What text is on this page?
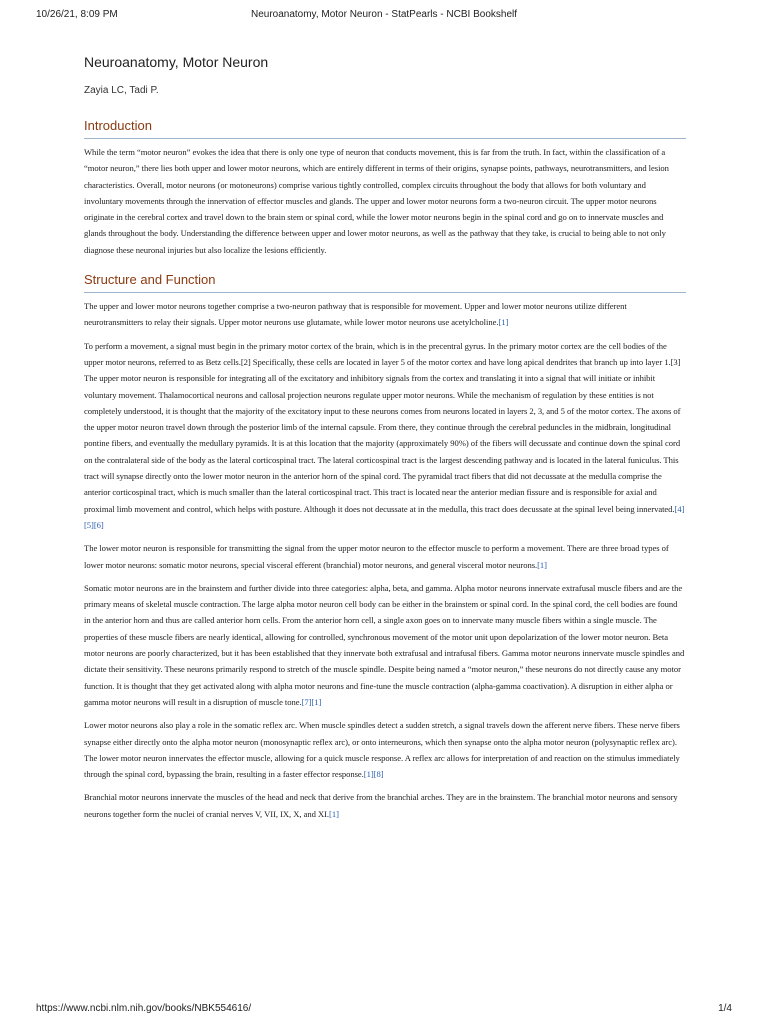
10/26/21, 8:09 PM	Neuroanatomy, Motor Neuron - StatPearls - NCBI Bookshelf
Neuroanatomy, Motor Neuron
Zayia LC, Tadi P.
Introduction

While the term “motor neuron” evokes the idea that there is only one type of neuron that conducts movement, this is far from the truth. In fact, within the classification of a “motor neuron,” there lies both upper and lower motor neurons, which are entirely different in terms of their origins, synapse points, pathways, neurotransmitters, and lesion characteristics. Overall, motor neurons (or motoneurons) comprise various tightly controlled, complex circuits throughout the body that allows for both voluntary and involuntary movements through the innervation of effector muscles and glands. The upper and lower motor neurons form a two-neuron circuit. The upper motor neurons originate in the cerebral cortex and travel down to the brain stem or spinal cord, while the lower motor neurons begin in the spinal cord and go on to innervate muscles and glands throughout the body. Understanding the difference between upper and lower motor neurons, as well as the pathway that they take, is crucial to being able to not only diagnose these neuronal injuries but also localize the lesions efficiently.

Structure and Function

The upper and lower motor neurons together comprise a two-neuron pathway that is responsible for movement. Upper and lower motor neurons utilize different neurotransmitters to relay their signals. Upper motor neurons use glutamate, while lower motor neurons use acetylcholine.[1]

To perform a movement, a signal must begin in the primary motor cortex of the brain, which is in the precentral gyrus. In the primary motor cortex are the cell bodies of the upper motor neurons, referred to as Betz cells.[2] Specifically, these cells are located in layer 5 of the motor cortex and have long apical dendrites that branch up into layer 1.[3] The upper motor neuron is responsible for integrating all of the excitatory and inhibitory signals from the cortex and translating it into a signal that will initiate or inhibit voluntary movement. Thalamocortical neurons and callosal projection neurons regulate upper motor neurons. While the mechanism of regulation by these entities is not completely understood, it is thought that the majority of the excitatory input to these neurons comes from neurons located in layers 2, 3, and 5 of the motor cortex. The axons of the upper motor neuron travel down through the posterior limb of the internal capsule. From there, they continue through the cerebral peduncles in the midbrain, longitudinal pontine fibers, and eventually the medullary pyramids. It is at this location that the majority (approximately 90%) of the fibers will decussate and continue down the spinal cord on the contralateral side of the body as the lateral corticospinal tract. The lateral corticospinal tract is the largest descending pathway and is located in the lateral funiculus. This tract will synapse directly onto the lower motor neuron in the anterior horn of the spinal cord. The pyramidal tract fibers that did not decussate at the medulla comprise the anterior corticospinal tract, which is much smaller than the lateral corticospinal tract. This tract is located near the anterior median fissure and is responsible for axial and proximal limb movement and control, which helps with posture. Although it does not decussate at in the medulla, this tract does decussate at the spinal level being innervated.[4][5][6]

The lower motor neuron is responsible for transmitting the signal from the upper motor neuron to the effector muscle to perform a movement. There are three broad types of lower motor neurons: somatic motor neurons, special visceral efferent (branchial) motor neurons, and general visceral motor neurons.[1]

Somatic motor neurons are in the brainstem and further divide into three categories: alpha, beta, and gamma. Alpha motor neurons innervate extrafusal muscle fibers and are the primary means of skeletal muscle contraction. The large alpha motor neuron cell body can be either in the brainstem or spinal cord. In the spinal cord, the cell bodies are found in the anterior horn and thus are called anterior horn cells. From the anterior horn cell, a single axon goes on to innervate many muscle fibers within a single muscle. The properties of these muscle fibers are nearly identical, allowing for controlled, synchronous movement of the motor unit upon depolarization of the lower motor neuron. Beta motor neurons are poorly characterized, but it has been established that they innervate both extrafusal and intrafusal fibers. Gamma motor neurons innervate muscle spindles and dictate their sensitivity. These neurons primarily respond to stretch of the muscle spindle. Despite being named a “motor neuron,” these neurons do not directly cause any motor function. It is thought that they get activated along with alpha motor neurons and fine-tune the muscle contraction (alpha-gamma coactivation). A disruption in either alpha or gamma motor neurons will result in a disruption of muscle tone.[7][1]

Lower motor neurons also play a role in the somatic reflex arc. When muscle spindles detect a sudden stretch, a signal travels down the afferent nerve fibers. These nerve fibers synapse either directly onto the alpha motor neuron (monosynaptic reflex arc), or onto interneurons, which then synapse onto the alpha motor neuron (polysynaptic reflex arc). The lower motor neuron innervates the effector muscle, allowing for a quick muscle response. A reflex arc allows for interpretation of and reaction on the stimulus immediately through the spinal cord, bypassing the brain, resulting in a faster effector response.[1][8]

Branchial motor neurons innervate the muscles of the head and neck that derive from the branchial arches. They are in the brainstem. The branchial motor neurons and sensory neurons together form the nuclei of cranial nerves V, VII, IX, X, and XI.[1]

https://www.ncbi.nlm.nih.gov/books/NBK554616/	1/4
